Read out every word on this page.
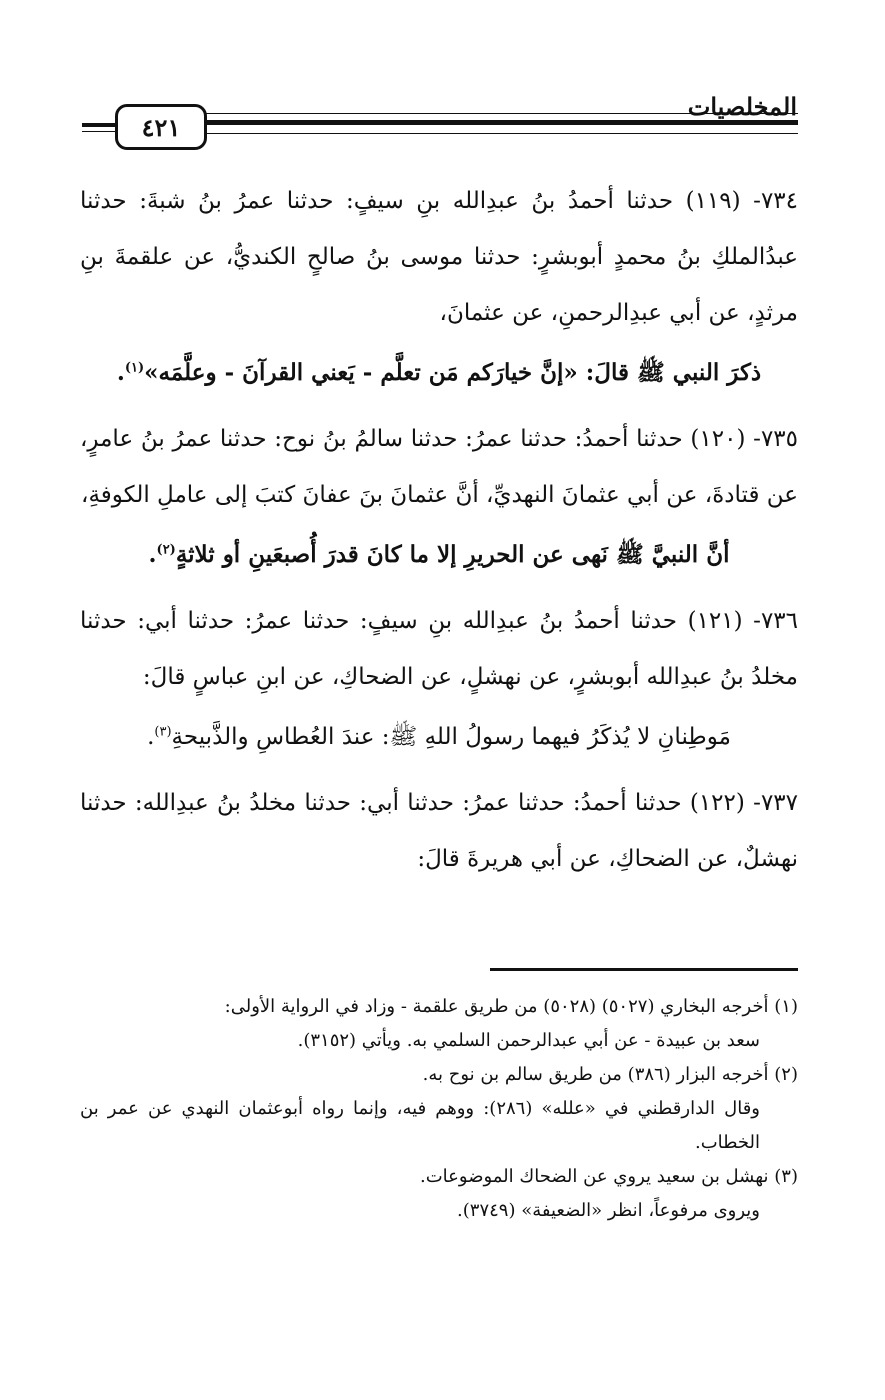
٤٢١
المخلصيات

٧٣٤- (١١٩) حدثنا أحمدُ بنُ عبدِالله بنِ سيفٍ: حدثنا عمرُ بنُ شبةَ: حدثنا عبدُالملكِ بنُ محمدٍ أبوبشرٍ: حدثنا موسى بنُ صالحٍ الكنديُّ، عن علقمةَ بنِ مرثدٍ، عن أبي عبدِالرحمنِ، عن عثمانَ،

ذكرَ النبي ﷺ قالَ: «إنَّ خيارَكم مَن تعلَّم - يَعني القرآنَ - وعلَّمَه»$^{(١)}$.

٧٣٥- (١٢٠) حدثنا أحمدُ: حدثنا عمرُ: حدثنا سالمُ بنُ نوح: حدثنا عمرُ بنُ عامرٍ، عن قتادةَ، عن أبي عثمانَ النهديِّ، أنَّ عثمانَ بنَ عفانَ كتبَ إلى عاملِ الكوفةِ،

أنَّ النبيَّ ﷺ نَهى عن الحريرِ إلا ما كانَ قدرَ أُصبعَينِ أو ثلاثةٍ$^{(٢)}$.

٧٣٦- (١٢١) حدثنا أحمدُ بنُ عبدِالله بنِ سيفٍ: حدثنا عمرُ: حدثنا أبي: حدثنا مخلدُ بنُ عبدِالله أبوبشرٍ، عن نهشلٍ، عن الضحاكِ، عن ابنِ عباسٍ قالَ:

مَوطِنانِ لا يُذكَرُ فيهما رسولُ اللهِ ﷺ: عندَ العُطاسِ والذَّبيحةِ$^{(٣)}$.

٧٣٧- (١٢٢) حدثنا أحمدُ: حدثنا عمرُ: حدثنا أبي: حدثنا مخلدُ بنُ عبدِالله: حدثنا نهشلٌ، عن الضحاكِ، عن أبي هريرةَ قالَ:

(١) أخرجه البخاري (٥٠٢٧) (٥٠٢٨) من طريق علقمة - وزاد في الرواية الأولى:

سعد بن عبيدة - عن أبي عبدالرحمن السلمي به. ويأتي (٣١٥٢).

(٢) أخرجه البزار (٣٨٦) من طريق سالم بن نوح به.

وقال الدارقطني في «علله» (٢٨٦): ووهم فيه، وإنما رواه أبوعثمان النهدي عن عمر بن الخطاب.

(٣) نهشل بن سعيد يروي عن الضحاك الموضوعات.

ويروى مرفوعاً، انظر «الضعيفة» (٣٧٤٩).
